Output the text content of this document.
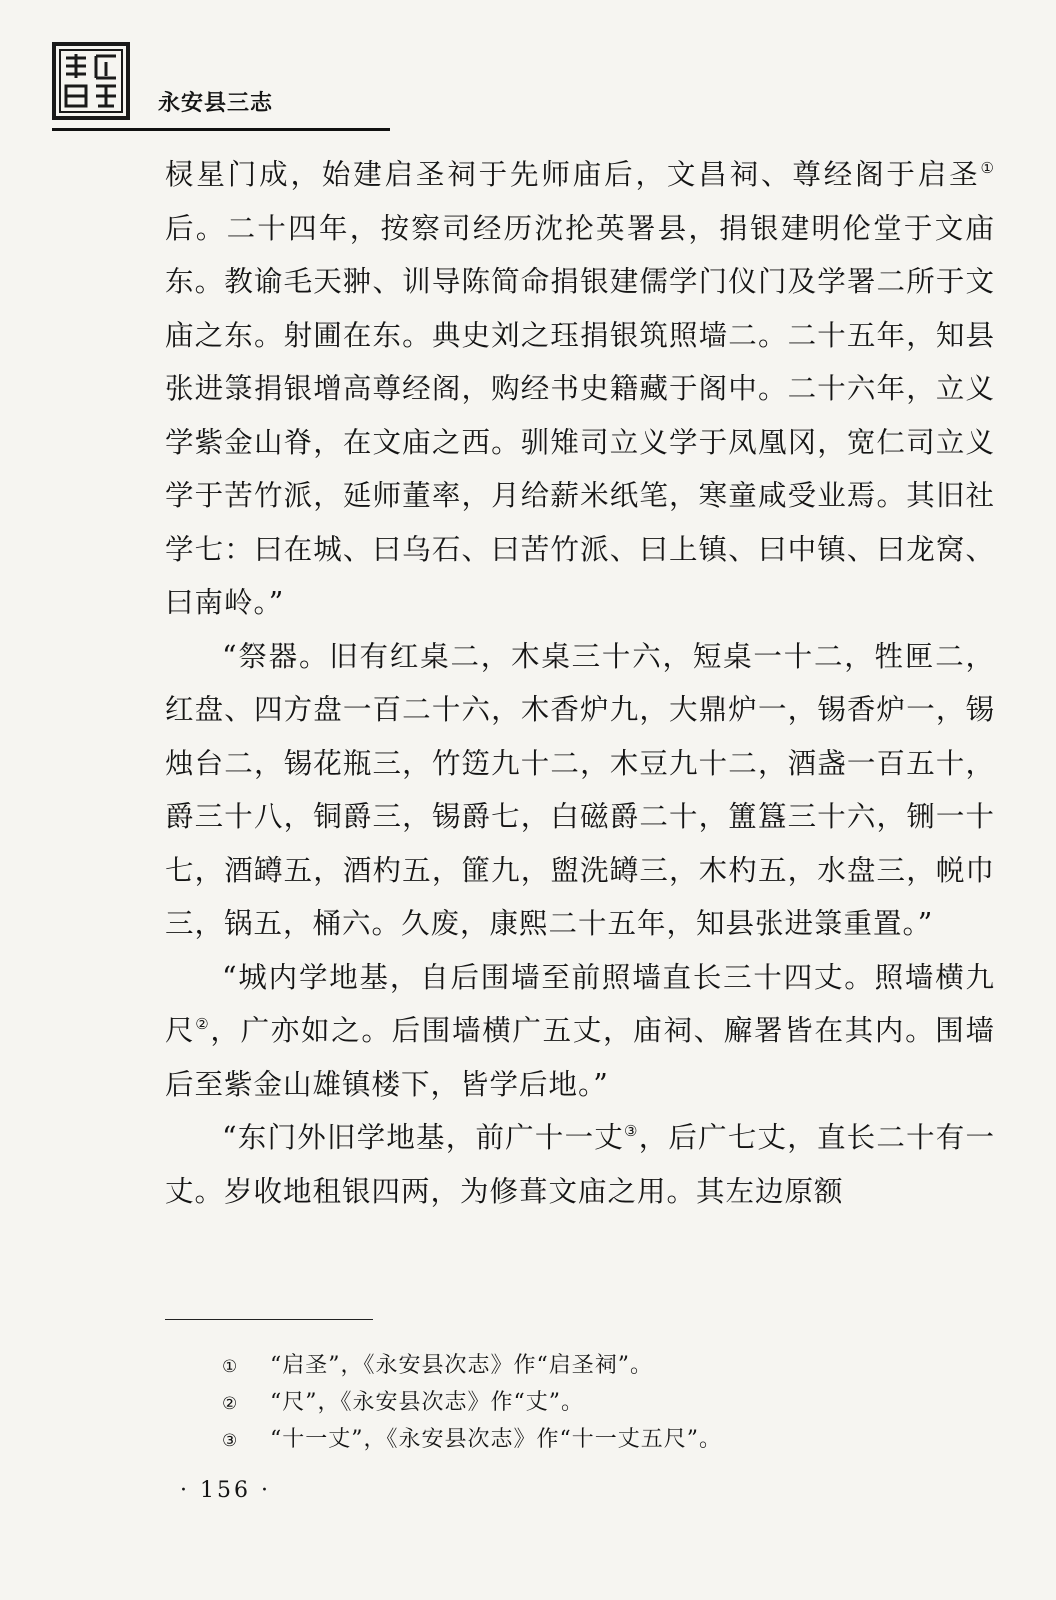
永安县三志

棂星门成，始建启圣祠于先师庙后，文昌祠、尊经阁于启圣①后。二十四年，按察司经历沈抡英署县，捐银建明伦堂于文庙东。教谕毛天翀、训导陈简命捐银建儒学门仪门及学署二所于文庙之东。射圃在东。典史刘之珏捐银筑照墙二。二十五年，知县张进箓捐银增高尊经阁，购经书史籍藏于阁中。二十六年，立义学紫金山脊，在文庙之西。驯雉司立义学于凤凰冈，宽仁司立义学于苦竹派，延师董率，月给薪米纸笔，寒童咸受业焉。其旧社学七：曰在城、曰乌石、曰苦竹派、曰上镇、曰中镇、曰龙窝、曰南岭。”

“祭器。旧有红桌二，木桌三十六，短桌一十二，牲匣二，红盘、四方盘一百二十六，木香炉九，大鼎炉一，锡香炉一，锡烛台二，锡花瓶三，竹笾九十二，木豆九十二，酒盏一百五十，爵三十八，铜爵三，锡爵七，白磁爵二十，簠簋三十六，铏一十七，酒罇五，酒杓五，篚九，盥洗罇三，木杓五，水盘三，帨巾三，锅五，桶六。久废，康熙二十五年，知县张进箓重置。”

“城内学地基，自后围墙至前照墙直长三十四丈。照墙横九尺②，广亦如之。后围墙横广五丈，庙祠、廨署皆在其内。围墙后至紫金山雄镇楼下，皆学后地。”

“东门外旧学地基，前广十一丈③，后广七丈，直长二十有一丈。岁收地租银四两，为修葺文庙之用。其左边原额

①	“启圣”，《永安县次志》作“启圣祠”。
②	“尺”，《永安县次志》作“丈”。
③	“十一丈”，《永安县次志》作“十一丈五尺”。
· 156 ·
